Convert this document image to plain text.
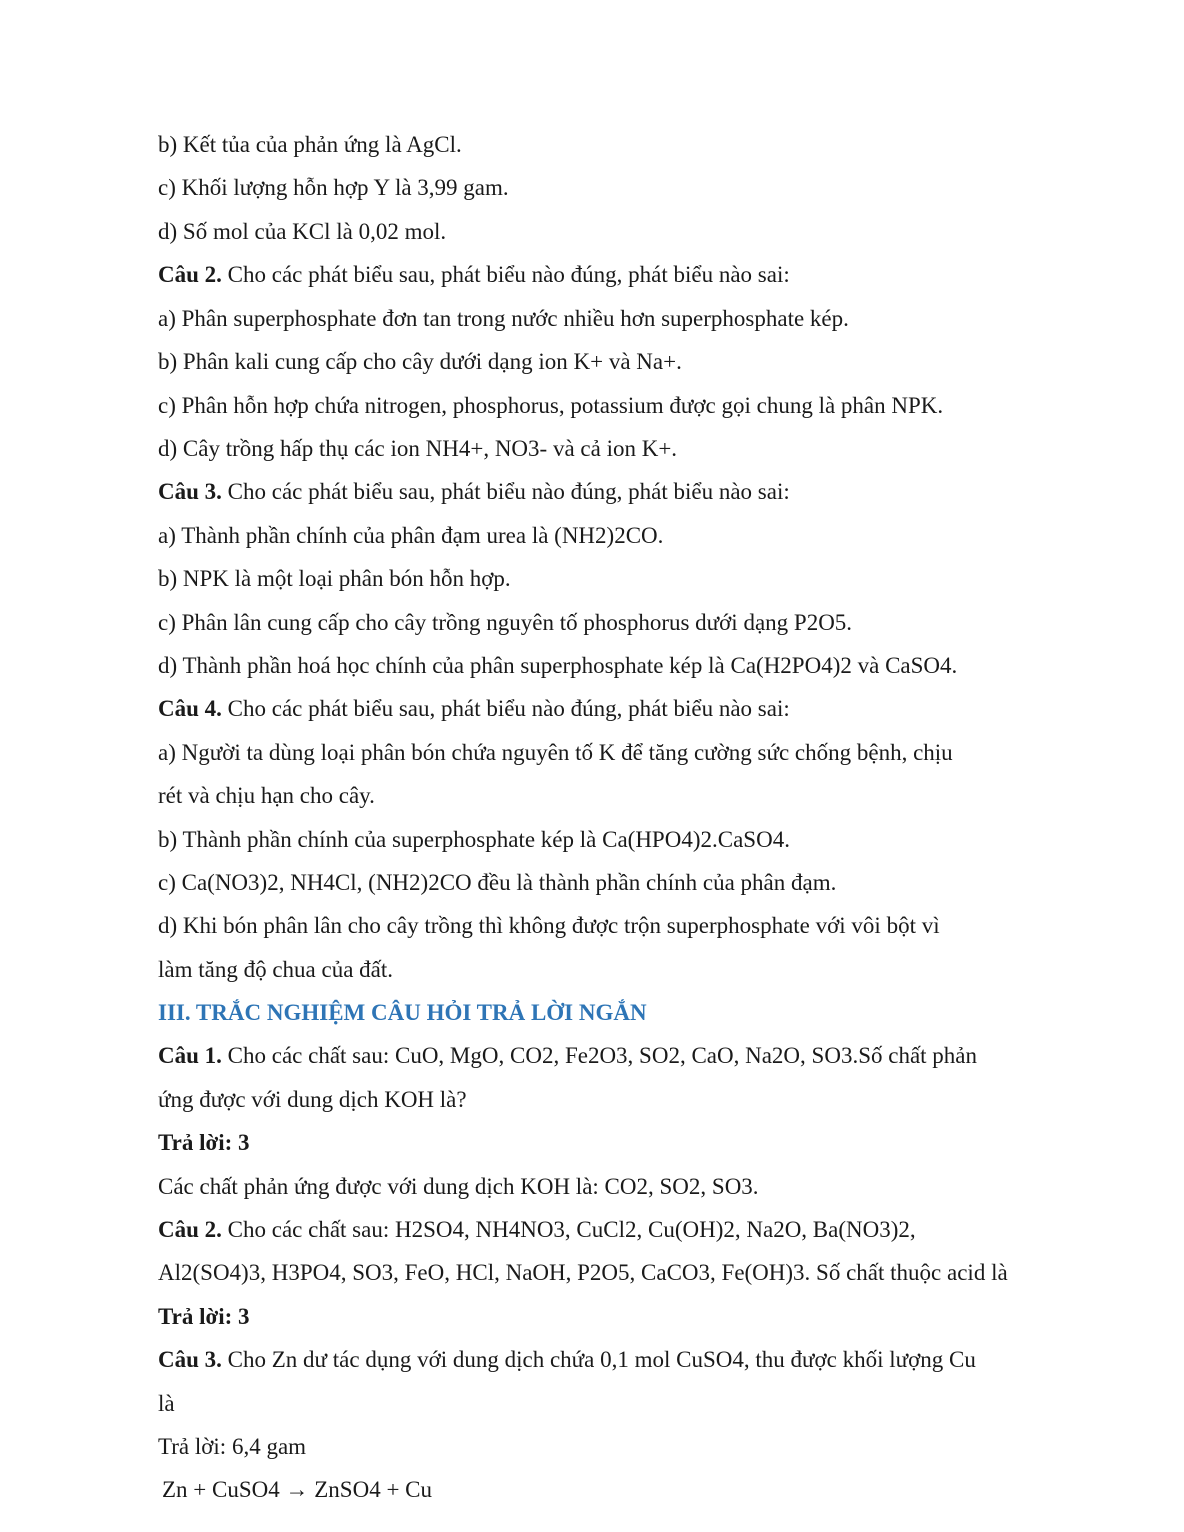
b) Kết tủa của phản ứng là AgCl.
c) Khối lượng hỗn hợp Y là 3,99 gam.
d) Số mol của KCl là 0,02 mol.
Câu 2. Cho các phát biểu sau, phát biểu nào đúng, phát biểu nào sai:
a) Phân superphosphate đơn tan trong nước nhiều hơn superphosphate kép.
b) Phân kali cung cấp cho cây dưới dạng ion K+ và Na+.
c) Phân hỗn hợp chứa nitrogen, phosphorus, potassium được gọi chung là phân NPK.
d) Cây trồng hấp thụ các ion NH4+, NO3- và cả ion K+.
Câu 3. Cho các phát biểu sau, phát biểu nào đúng, phát biểu nào sai:
a) Thành phần chính của phân đạm urea là (NH2)2CO.
b) NPK là một loại phân bón hỗn hợp.
c) Phân lân cung cấp cho cây trồng nguyên tố phosphorus dưới dạng P2O5.
d) Thành phần hoá học chính của phân superphosphate kép là Ca(H2PO4)2 và CaSO4.
Câu 4. Cho các phát biểu sau, phát biểu nào đúng, phát biểu nào sai:
a) Người ta dùng loại phân bón chứa nguyên tố K để tăng cường sức chống bệnh, chịu
rét và chịu hạn cho cây.
b) Thành phần chính của superphosphate kép là Ca(HPO4)2.CaSO4.
c) Ca(NO3)2, NH4Cl, (NH2)2CO đều là thành phần chính của phân đạm.
d) Khi bón phân lân cho cây trồng thì không được trộn superphosphate với vôi bột vì
làm tăng độ chua của đất.
III. TRẮC NGHIỆM CÂU HỎI TRẢ LỜI NGẮN
Câu 1. Cho các chất sau: CuO, MgO, CO2, Fe2O3, SO2, CaO, Na2O, SO3.Số chất phản
ứng được với dung dịch KOH là?
Trả lời: 3
Các chất phản ứng được với dung dịch KOH là: CO2, SO2, SO3.
Câu 2. Cho các chất sau: H2SO4, NH4NO3, CuCl2, Cu(OH)2, Na2O, Ba(NO3)2,
Al2(SO4)3, H3PO4, SO3, FeO, HCl, NaOH, P2O5, CaCO3, Fe(OH)3. Số chất thuộc acid là
Trả lời: 3
Câu 3. Cho Zn dư tác dụng với dung dịch chứa 0,1 mol CuSO4, thu được khối lượng Cu
là
Trả lời: 6,4 gam
Zn + CuSO4 → ZnSO4 + Cu
